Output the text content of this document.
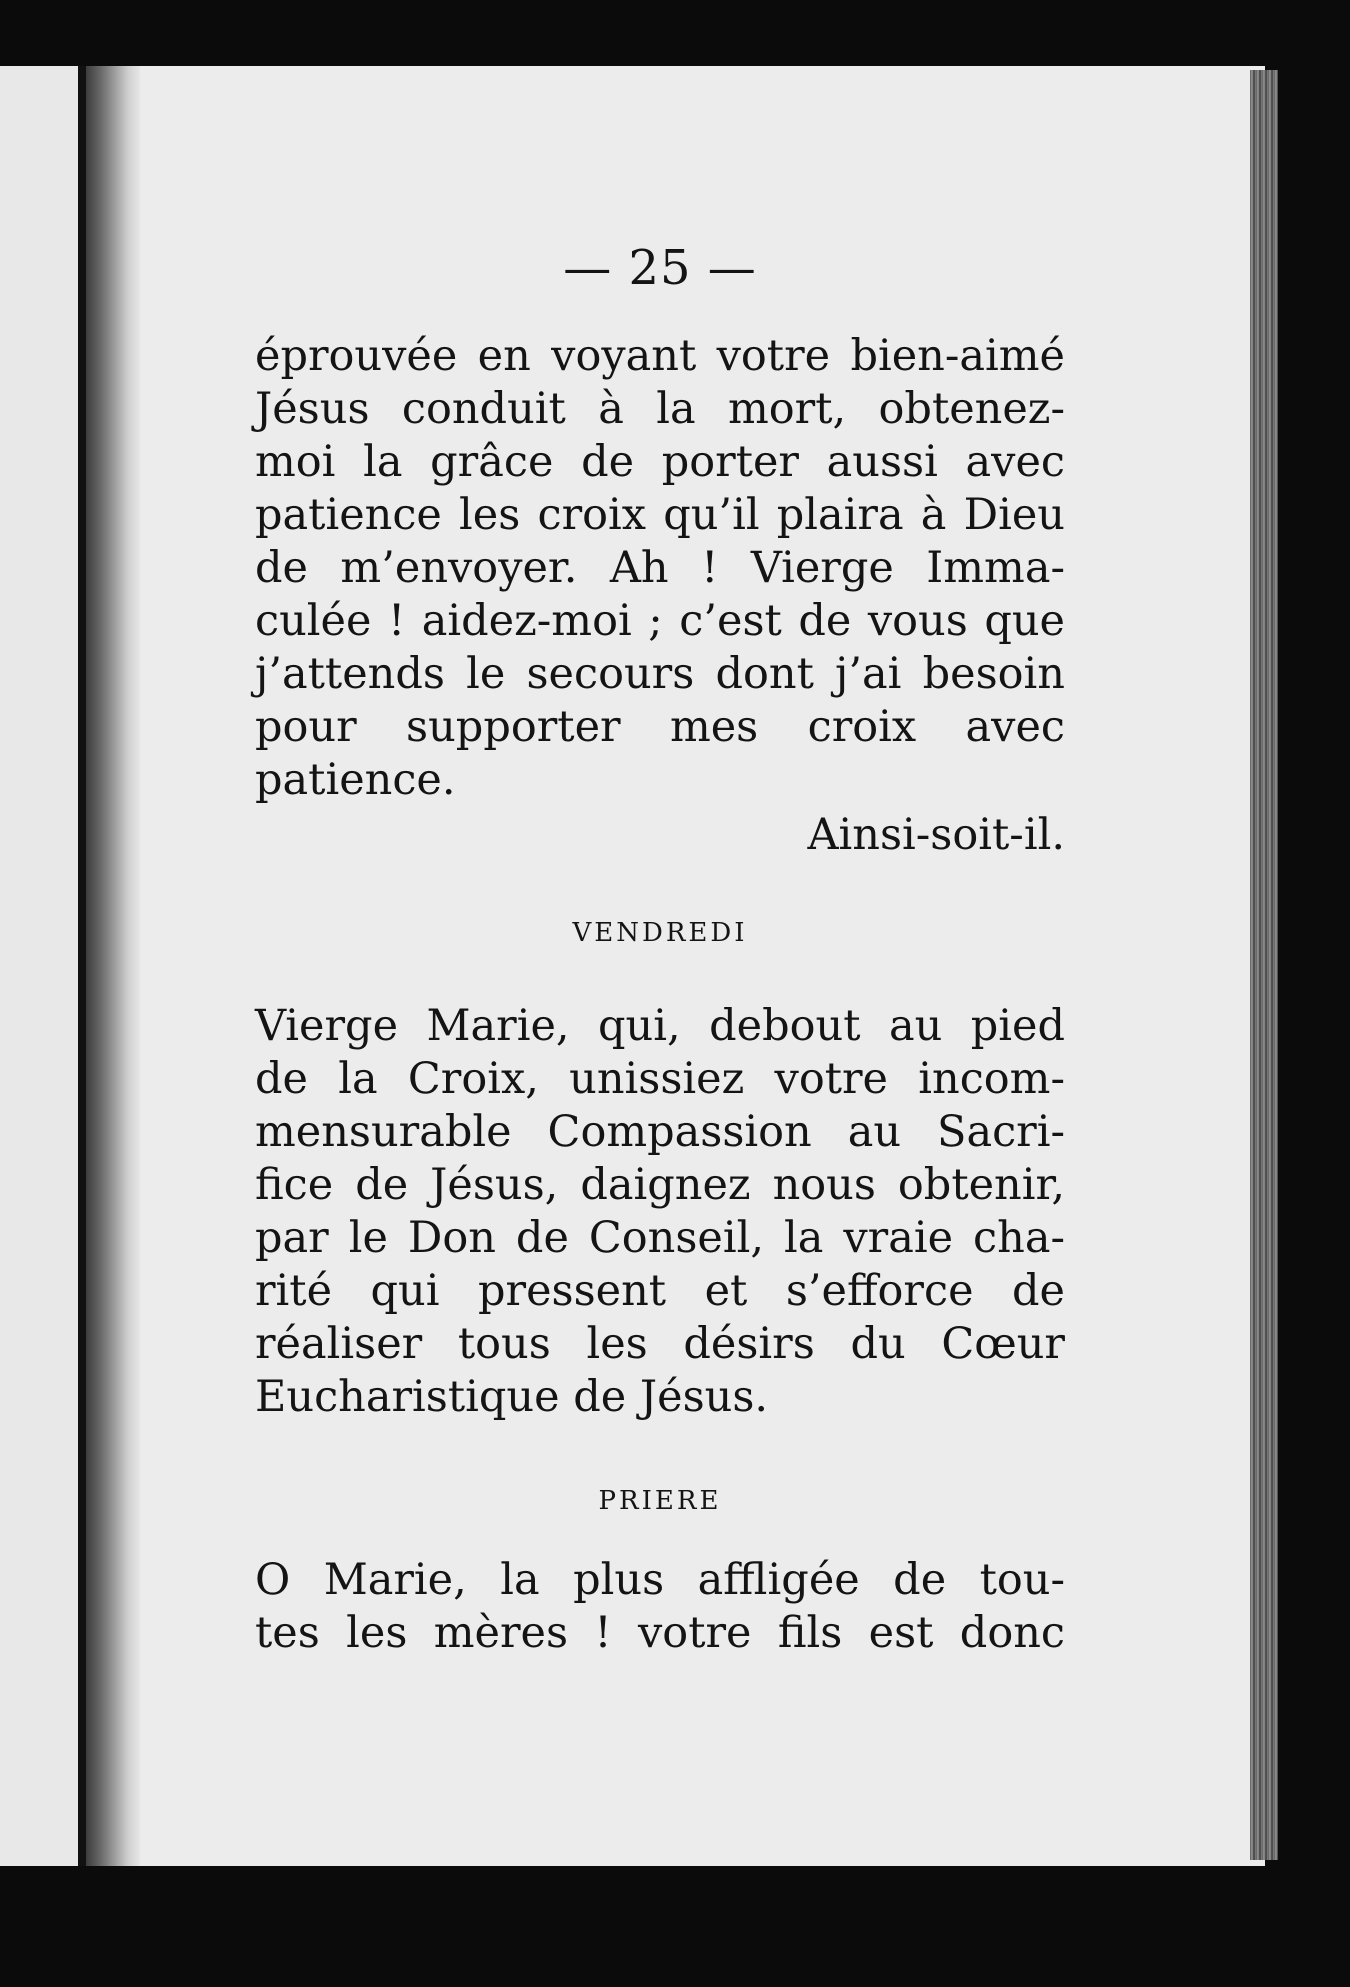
— 25 —
éprouvée en voyant votre bien-aimé
Jésus conduit à la mort, obtenez-
moi la grâce de porter aussi avec
patience les croix qu’il plaira à Dieu
de m’envoyer. Ah ! Vierge Imma-
culée ! aidez-moi ; c’est de vous que
j’attends le secours dont j’ai besoin
pour supporter mes croix avec
patience.
Ainsi-soit-il.
VENDREDI
Vierge Marie, qui, debout au pied
de la Croix, unissiez votre incom-
mensurable Compassion au Sacri-
fice de Jésus, daignez nous obtenir,
par le Don de Conseil, la vraie cha-
rité qui pressent et s’efforce de
réaliser tous les désirs du Cœur
Eucharistique de Jésus.
PRIERE
O Marie, la plus affligée de tou-
tes les mères ! votre fils est donc
